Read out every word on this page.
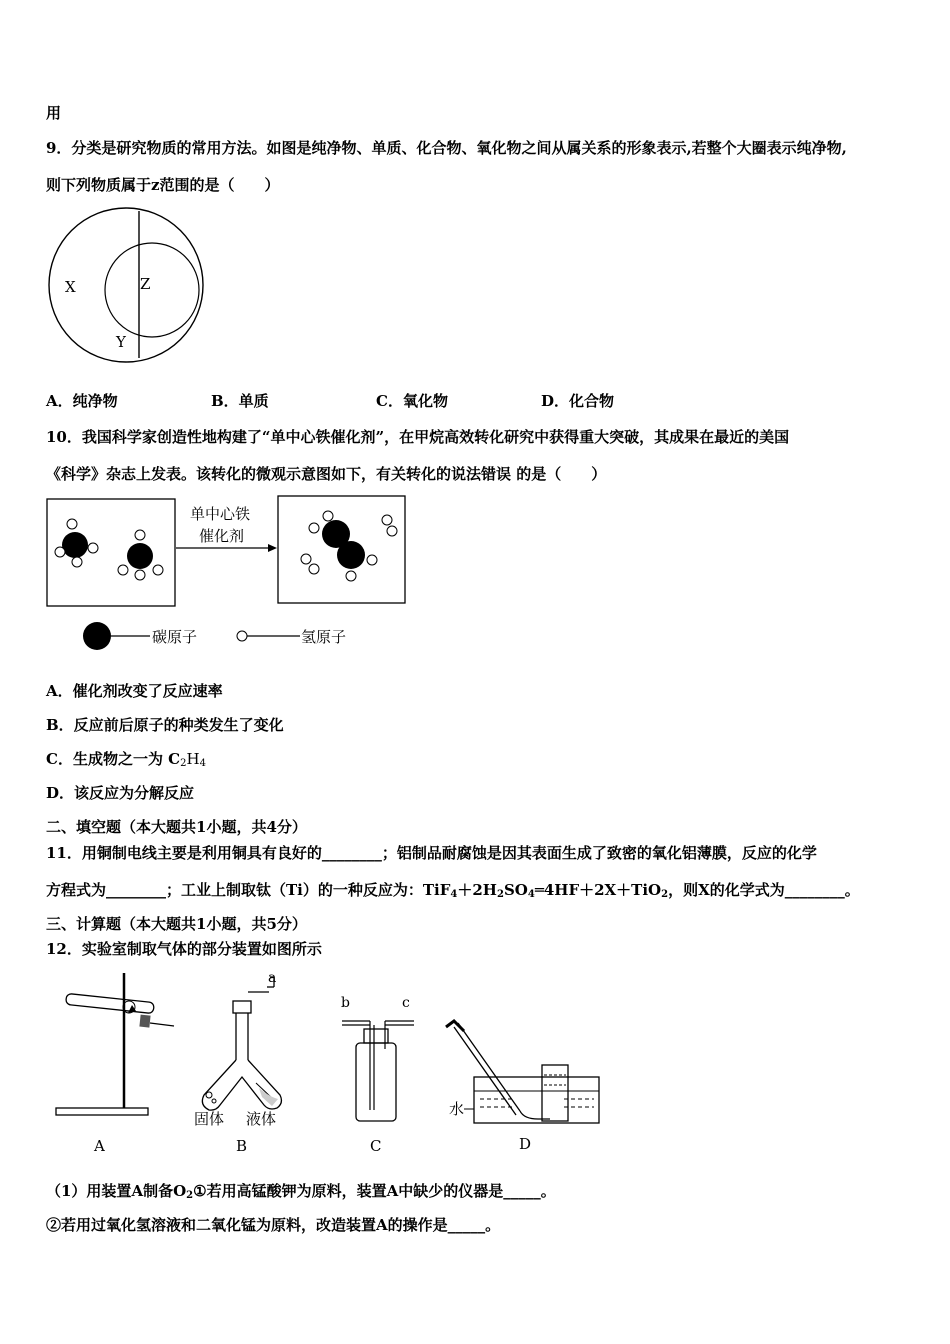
用
9．分类是研究物质的常用方法。如图是纯净物、单质、化合物、氧化物之间从属关系的形象表示,若整个大圈表示纯净物,
则下列物质属于z范围的是（　　）
X	Z
Y
A．纯净物	B．单质	C．氧化物	D．化合物
10．我国科学家创造性地构建了“单中心铁催化剂”，在甲烷高效转化研究中获得重大突破，其成果在最近的美国
《科学》杂志上发表。该转化的微观示意图如下，有关转化的说法错误 的是（　　）
单中心铁
催化剂
碳原子	氢原子
A．催化剂改变了反应速率
B．反应前后原子的种类发生了变化
C．生成物之一为 $C_2H_4$
D．该反应为分解反应
二、填空题（本大题共1小题，共4分）
11．用铜制电线主要是利用铜具有良好的________；铝制品耐腐蚀是因其表面生成了致密的氧化铝薄膜，反应的化学
方程式为________；工业上制取钛（Ti）的一种反应为：$TiF_4+2H_2SO_4═4HF+2X+TiO_2$，则X的化学式为________。
三、计算题（本大题共1小题，共5分）
12．实验室制取气体的部分装置如图所示
A
a
固体 液体
B
b	c
C
水
D
（1）用装置A制备$O_2①$若用高锰酸钾为原料，装置A中缺少的仪器是_____。
②若用过氧化氢溶液和二氧化锰为原料，改造装置A的操作是_____。
